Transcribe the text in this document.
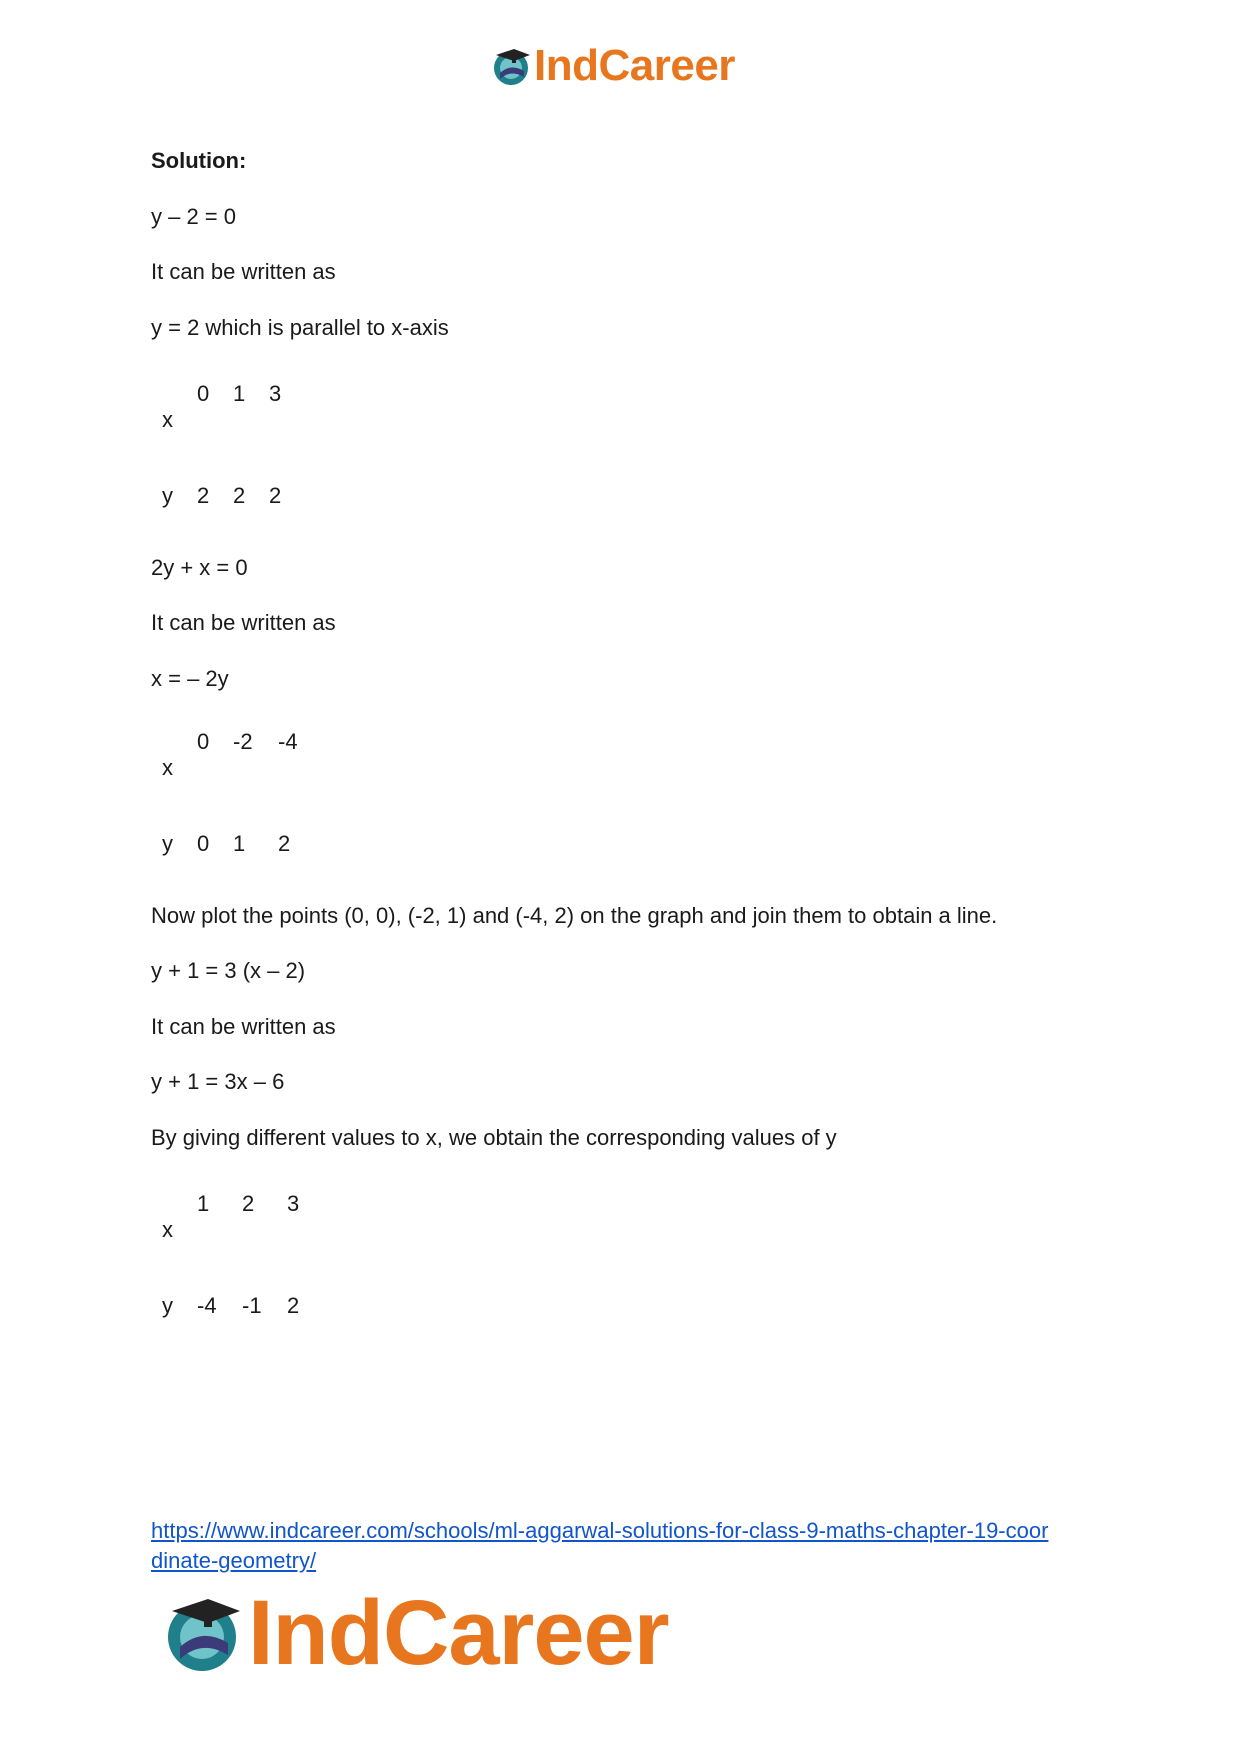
IndCareer
Solution:
y – 2 = 0
It can be written as
y = 2 which is parallel to x-axis
0 1 3
x
y 2 2 2
2y + x = 0
It can be written as
x = – 2y
0 -2 -4
x
y 0 1 2
Now plot the points (0, 0), (-2, 1) and (-4, 2) on the graph and join them to obtain a line.
y + 1 = 3 (x – 2)
It can be written as
y + 1 = 3x – 6
By giving different values to x, we obtain the corresponding values of y
1 2 3
x
y -4 -1 2
https://www.indcareer.com/schools/ml-aggarwal-solutions-for-class-9-maths-chapter-19-coor
dinate-geometry/
IndCareer
